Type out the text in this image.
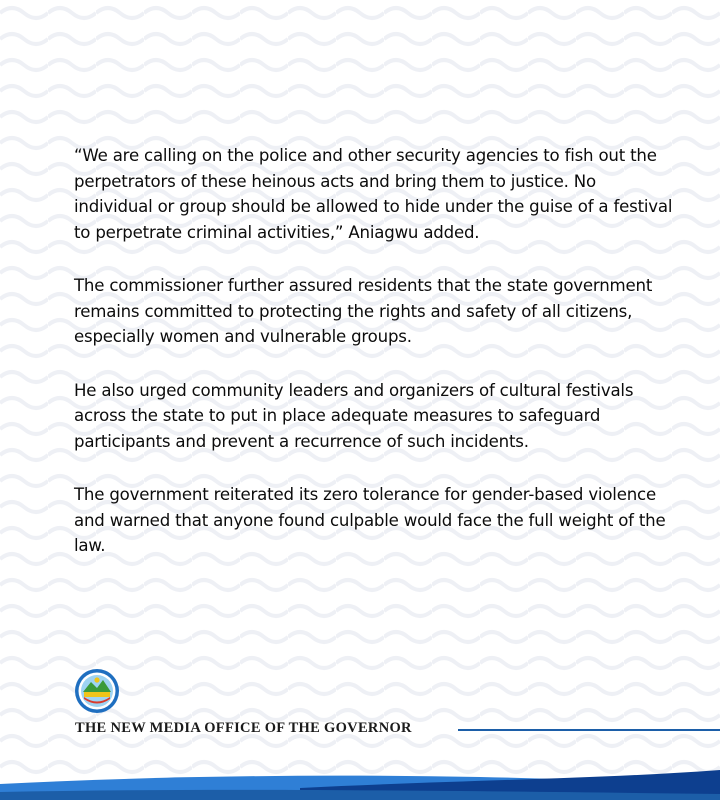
“We are calling on the police and other security agencies to fish out the perpetrators of these heinous acts and bring them to justice. No individual or group should be allowed to hide under the guise of a festival to perpetrate criminal activities,” Aniagwu added.

The commissioner further assured residents that the state government remains committed to protecting the rights and safety of all citizens, especially women and vulnerable groups.

He also urged community leaders and organizers of cultural festivals across the state to put in place adequate measures to safeguard participants and prevent a recurrence of such incidents.

The government reiterated its zero tolerance for gender-based violence and warned that anyone found culpable would face the full weight of the law.

THE NEW MEDIA OFFICE OF THE GOVERNOR
